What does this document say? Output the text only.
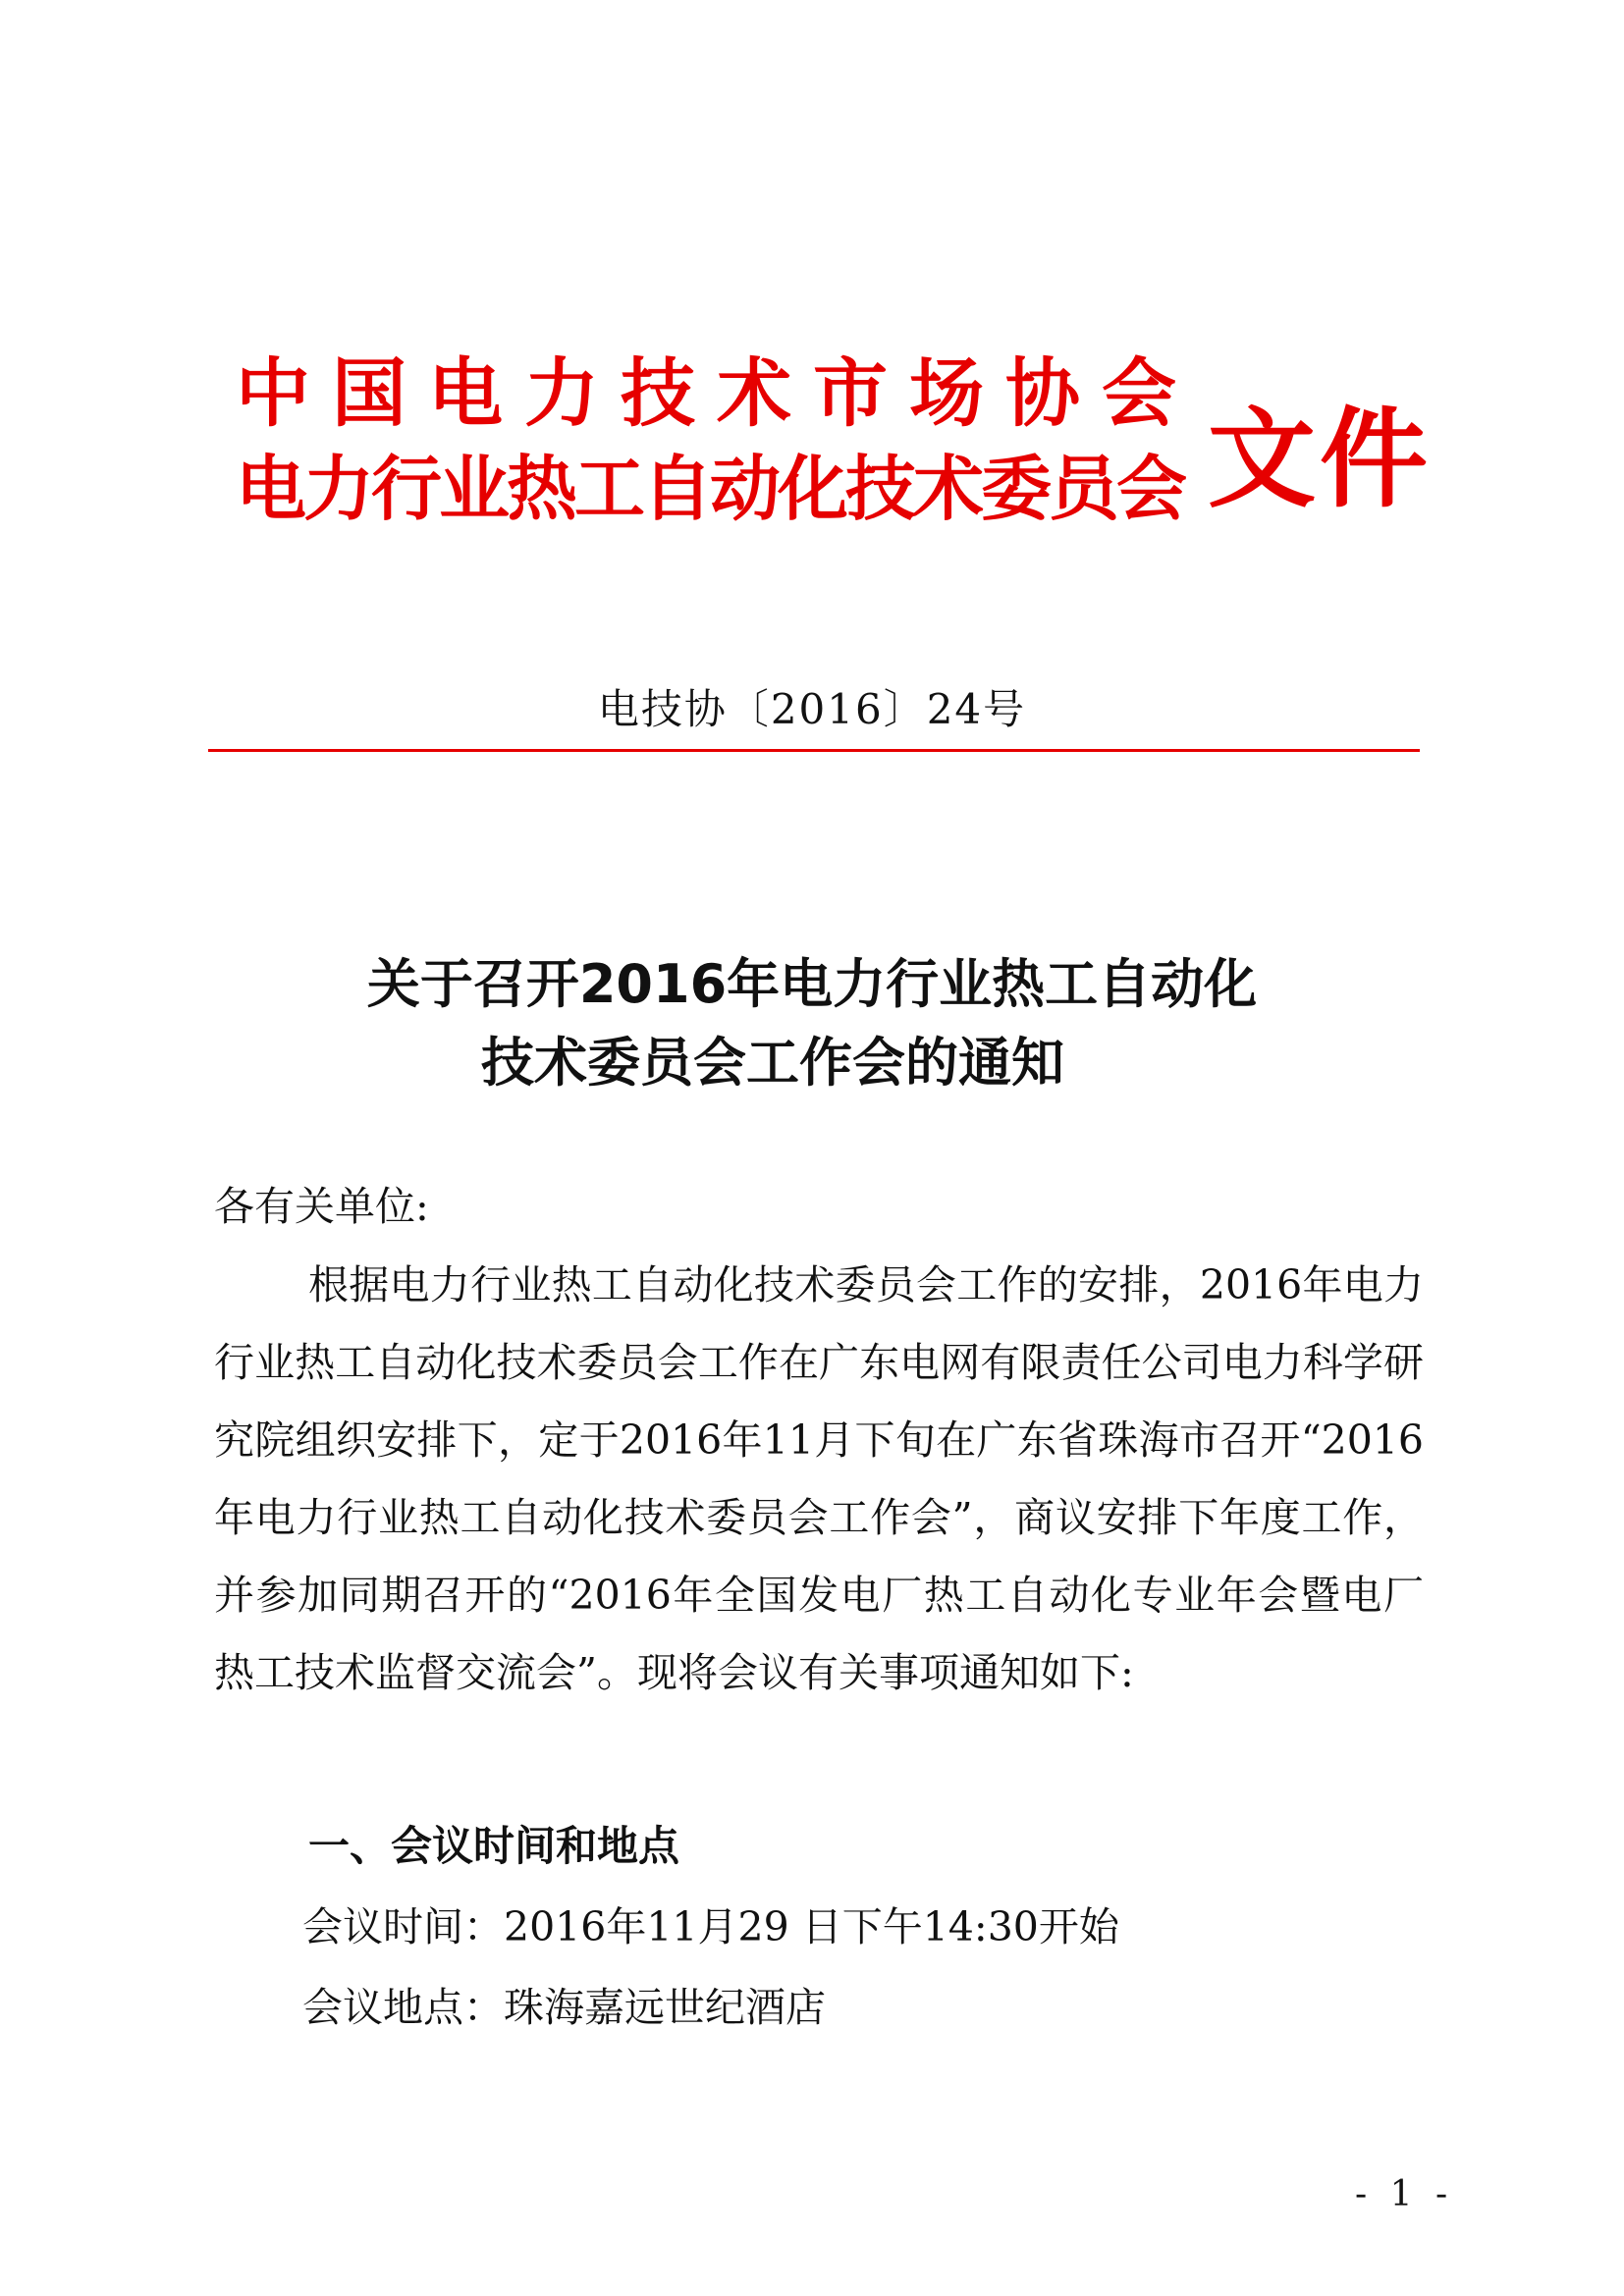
中国电力技术市场协会
电力行业热工自动化技术委员会 文件
电技协〔2016〕24号
关于召开2016年电力行业热工自动化
技术委员会工作会的通知
各有关单位:
根据电力行业热工自动化技术委员会工作的安排，2016年电力行业热工自动化技术委员会工作在广东电网有限责任公司电力科学研究院组织安排下，定于2016年11月下旬在广东省珠海市召开“2016年电力行业热工自动化技术委员会工作会”，商议安排下年度工作，并参加同期召开的“2016年全国发电厂热工自动化专业年会暨电厂热工技术监督交流会”。现将会议有关事项通知如下:
一、会议时间和地点
会议时间：2016年11月29 日下午14:30开始
会议地点：珠海嘉远世纪酒店
- 1 -
